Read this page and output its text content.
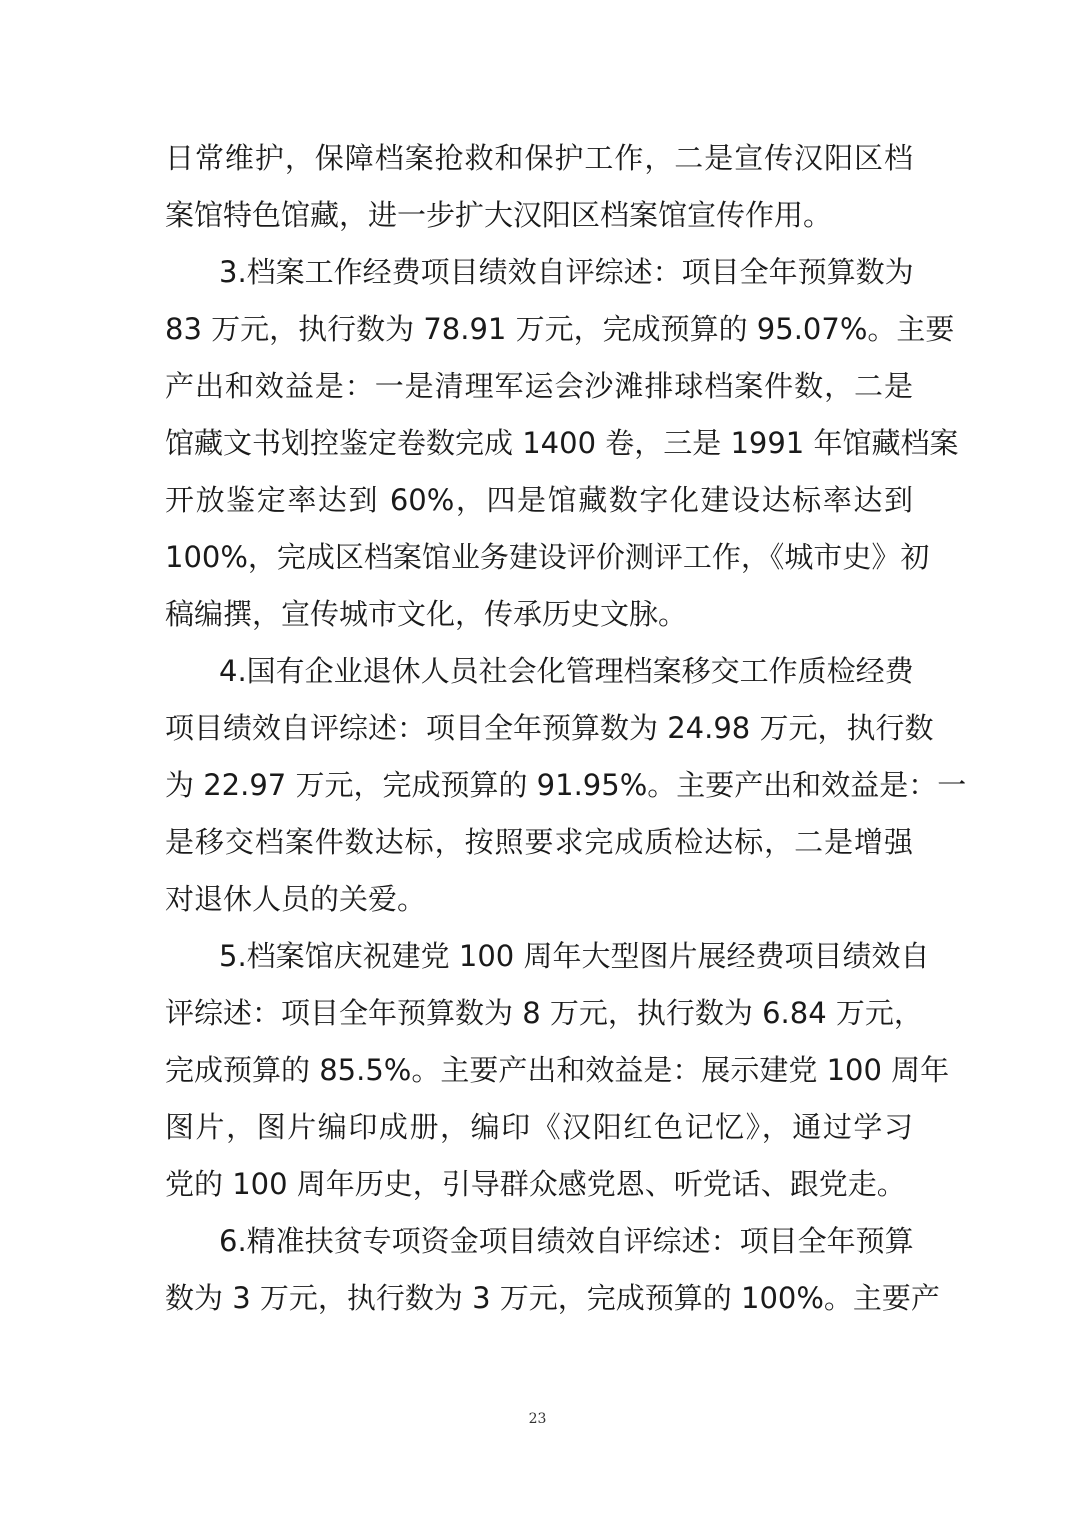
日常维护，保障档案抢救和保护工作，二是宣传汉阳区档
案馆特色馆藏，进一步扩大汉阳区档案馆宣传作用。
3.档案工作经费项目绩效自评综述：项目全年预算数为
83 万元，执行数为 78.91 万元，完成预算的 95.07%。主要
产出和效益是：一是清理军运会沙滩排球档案件数，二是
馆藏文书划控鉴定卷数完成 1400 卷，三是 1991 年馆藏档案
开放鉴定率达到 60%，四是馆藏数字化建设达标率达到
100%，完成区档案馆业务建设评价测评工作，《城市史》初
稿编撰，宣传城市文化，传承历史文脉。
4.国有企业退休人员社会化管理档案移交工作质检经费
项目绩效自评综述：项目全年预算数为 24.98 万元，执行数
为 22.97 万元，完成预算的 91.95%。主要产出和效益是：一
是移交档案件数达标，按照要求完成质检达标，二是增强
对退休人员的关爱。
5.档案馆庆祝建党 100 周年大型图片展经费项目绩效自
评综述：项目全年预算数为 8 万元，执行数为 6.84 万元，
完成预算的 85.5%。主要产出和效益是：展示建党 100 周年
图片，图片编印成册，编印《汉阳红色记忆》，通过学习
党的 100 周年历史，引导群众感党恩、听党话、跟党走。
6.精准扶贫专项资金项目绩效自评综述：项目全年预算
数为 3 万元，执行数为 3 万元，完成预算的 100%。主要产
23
